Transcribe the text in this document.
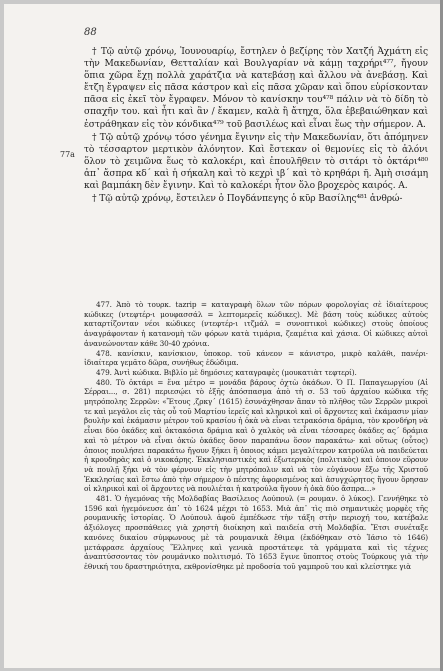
88

77a

† Τῷ αὐτῷ χρόνῳ, Ἰουνουαρίῳ, ἔστηλεν ὁ βεζίρης τὸν Χατζή Ἀχμάτη εἰς τὴν Μακεδωνίαν, Θετταλίαν καὶ Βουλγαρίαν νὰ κάμῃ ταχρήρι⁴⁷⁷, ἤγουν ὅπια χῶρα ἔχῃ πολλὰ χαράτζια νὰ κατεβάσῃ καὶ ἄλλου νὰ ἀνεβάσῃ. Καὶ ἔτζη ἔγραψεν εἰς πᾶσα κάστρον καὶ εἰς πᾶσα χῶραν καὶ ὅπου εὑρίσκονταν πᾶσα εἰς ἐκεῖ τὸν ἔγραφεν. Μόνον τὸ κανίσκην του⁴⁷⁸ πάλιν νὰ τὸ δίδη τὸ σπαχῆν του. καὶ ἦτι καὶ ἂν / ἔκαμεν, καλὰ ἢ ἄτηχα, ὅλα ἐβεβαιώθηκαν καὶ ἐστράθηκαν εἰς τὸν κόνδικα⁴⁷⁹ τοῦ βασιλέως καὶ εἶναι ἕως τὴν σήμερον. Α.

† Τῷ αὐτῷ χρόνῳ τόσο γένημα ἔγινην εἰς τὴν Μακεδωνίαν, ὅτι ἀπόμηνεν τὸ τέσσαρτον μερτικὸν ἀλόνητον. Καὶ ἔστεκαν οἱ θεμονίες εἰς τὸ ἀλόνι ὅλον τὸ χειμῶνα ἕως τὸ καλοκέρι, καὶ ἐπουλῆθειν τὸ σιτάρι τὸ ὀκτάρι⁴⁸⁰ ἀπ᾿ ἄσπρα κδ΄ καὶ ἡ σήκαλη καὶ τὸ κεχρὶ ιβ΄ καὶ τὸ κρηθάρι ῆ. Ἀμὴ σισάμη καὶ βαμπάκη δὲν ἔγινην. Καὶ τὸ καλοκέρι ἦτον ὅλο βροχερὸς καιρός. Α.

† Τῷ αὐτῷ χρόνῳ, ἔστειλεν ὁ Πογδάνπεγης ὁ κῦρ Βασίλης⁴⁸¹ ἀνθρώ-

477. Ἀπὸ τὸ τουρκ. tazrip = καταγραφὴ ὅλων τῶν πόρων φορολογίας σὲ ἰδιαίτερους κώδικες (ντεφτέρ-ι μουφασσάλ = λεπτομερεῖς κώδικες). Μὲ βάση τοὺς κώδικες αὐτοὺς καταρτίζονταν νέοι κώδικες (ντεφτέρ-ι ιτζμάλ = συνοπτικοὶ κώδικες) στοὺς ὁποίους ἀναγράφονταν ἡ κατανομὴ τῶν φόρων κατὰ τιμάρια, ζεαμέτια καὶ χάσια. Οἱ κώδικες αὐτοὶ ἀνανεώνονταν κάθε 30-40 χρόνια.

478. κανίσκιν, κανίσκιον, ὑποκορ. τοῦ κάνεον = κάνιστρο, μικρὸ καλάθι, πανέρι· ἰδιαίτερα γεμᾶτο δῶρα, συνήθως ἐδώδιμα.

479. Ἀντὶ κώδικα. Βιβλίο μὲ δημόσιες καταγραφὲς (μουκατιὰτ τεφτερί).

480. Τὸ ὀκτάρι = ἕνα μέτρο = μονάδα βάρους ὀχτὼ ὀκάδων. Ὁ Π. Παπαγεωργίου (Αἱ Σέρραι..., σ. 281) περιεσῴει τὸ ἑξῆς ἀπόσπασμα ἀπὸ τὴ σ. 53 τοῦ ἀρχαίου κώδικα τῆς μητρόπολης Σερρῶν: «Ἔτους ,ζρκγ΄ (1615) ἐσυνάχθησαν ἅπαν τὸ πλῆθος τῶν Σερρῶν μικροὶ τε καὶ μεγάλοι εἰς τὰς οὗ τοῦ Μαρτίου ἱερεῖς καὶ κληρικοὶ καὶ οἱ ἄρχοντες καὶ ἐκάμασιν μίαν βουλὴν καὶ ἐκάμασιν μέτρον τοῦ κρασίου ἡ ὀκὰ νὰ εἶναι τετρακόσια δράμια, τὸν κρονδήρη νὰ εἶναι δύο ὀκάδες καὶ ὀκτακόσια δράμια καὶ ὁ χαλκὸς νὰ εἶναι τέσσαρες ὀκάδες ας΄ δράμια καὶ τὸ μέτρον νὰ εἶναι ὀκτὼ ὀκάδες ὅσον παραπάνω ὅσον παρακάτω· καὶ οὕτως (οὗτος) ὁποιος πουλήσει παρακάτω ἤγουν ξήκει ἢ ὁποιος κάμει μεγαλίτερον κατρούλα νὰ παιδεύεται ἡ κρουδηρὰς καὶ ὁ νικοκάρης. Ἐκκλησιαστικὲς καὶ ἐξωτερικὸς (πολιτικὸς) καὶ ὁποιον εὕρουν νὰ πουλῇ ξήκι νὰ τὸν φέρνουν εἰς τὴν μητρόπολιν καὶ νὰ τὸν εὐγάνουν ἔξω τῆς Χριστοῦ Ἐκκλησίας καὶ ἔστω ἀπὸ τὴν σήμερον ὁ πέστης ἀφορισμένος καὶ ἀσυγχώρητος ἤγουν ὅρησαν οἱ κληρικοὶ καὶ οἱ ἄρχοντες νὰ πουλιέται ἡ κατρούλα ἤγουν ἡ ὀκὰ δύο ἄσπρα...»

481. Ὁ ἡγεμόνας τῆς Μολδαβίας Βασίλειος Λούπουλ (= ρουμαν. ὁ λύκος). Γεννήθηκε τὸ 1596 καὶ ἡγεμόνευσε ἀπ᾿ τὸ 1624 μέχρι τὸ 1653. Μιὰ ἀπ᾿ τὶς πιὸ σημαντικὲς μορφὲς τῆς ρουμανικῆς ἱστορίας. Ὁ Λούπουλ ἀφοῦ ἐμπέδωσε τὴν τάξη στὴν περιοχή του, κατέβαλε ἀξιόλογες προσπάθειες γιὰ χρηστὴ διοίκηση καὶ παιδεία στὴ Μολδαβία. Ἔτσι συνέταξε κανόνες δικαίου σύμφωνους μὲ τὰ ρουμανικὰ ἔθιμα (ἐκδόθηκαν στὸ Ἰάσιο τὸ 1646) μετάφρασε ἀρχαίους Ἕλληνες καὶ γενικὰ προστάτεψε τὰ γράμματα καὶ τὶς τέχνες ἀναπτύσσοντας τὸν ρουμάνικο πολιτισμό. Τὸ 1653 ἔγινε ὕποπτος στοὺς Τούρκους γιὰ τὴν ἐθνική του δραστηριότητα, εκθρονίσθηκε μὲ προδοσία τοῦ γαμπροῦ του καὶ κλείστηκε γιὰ
